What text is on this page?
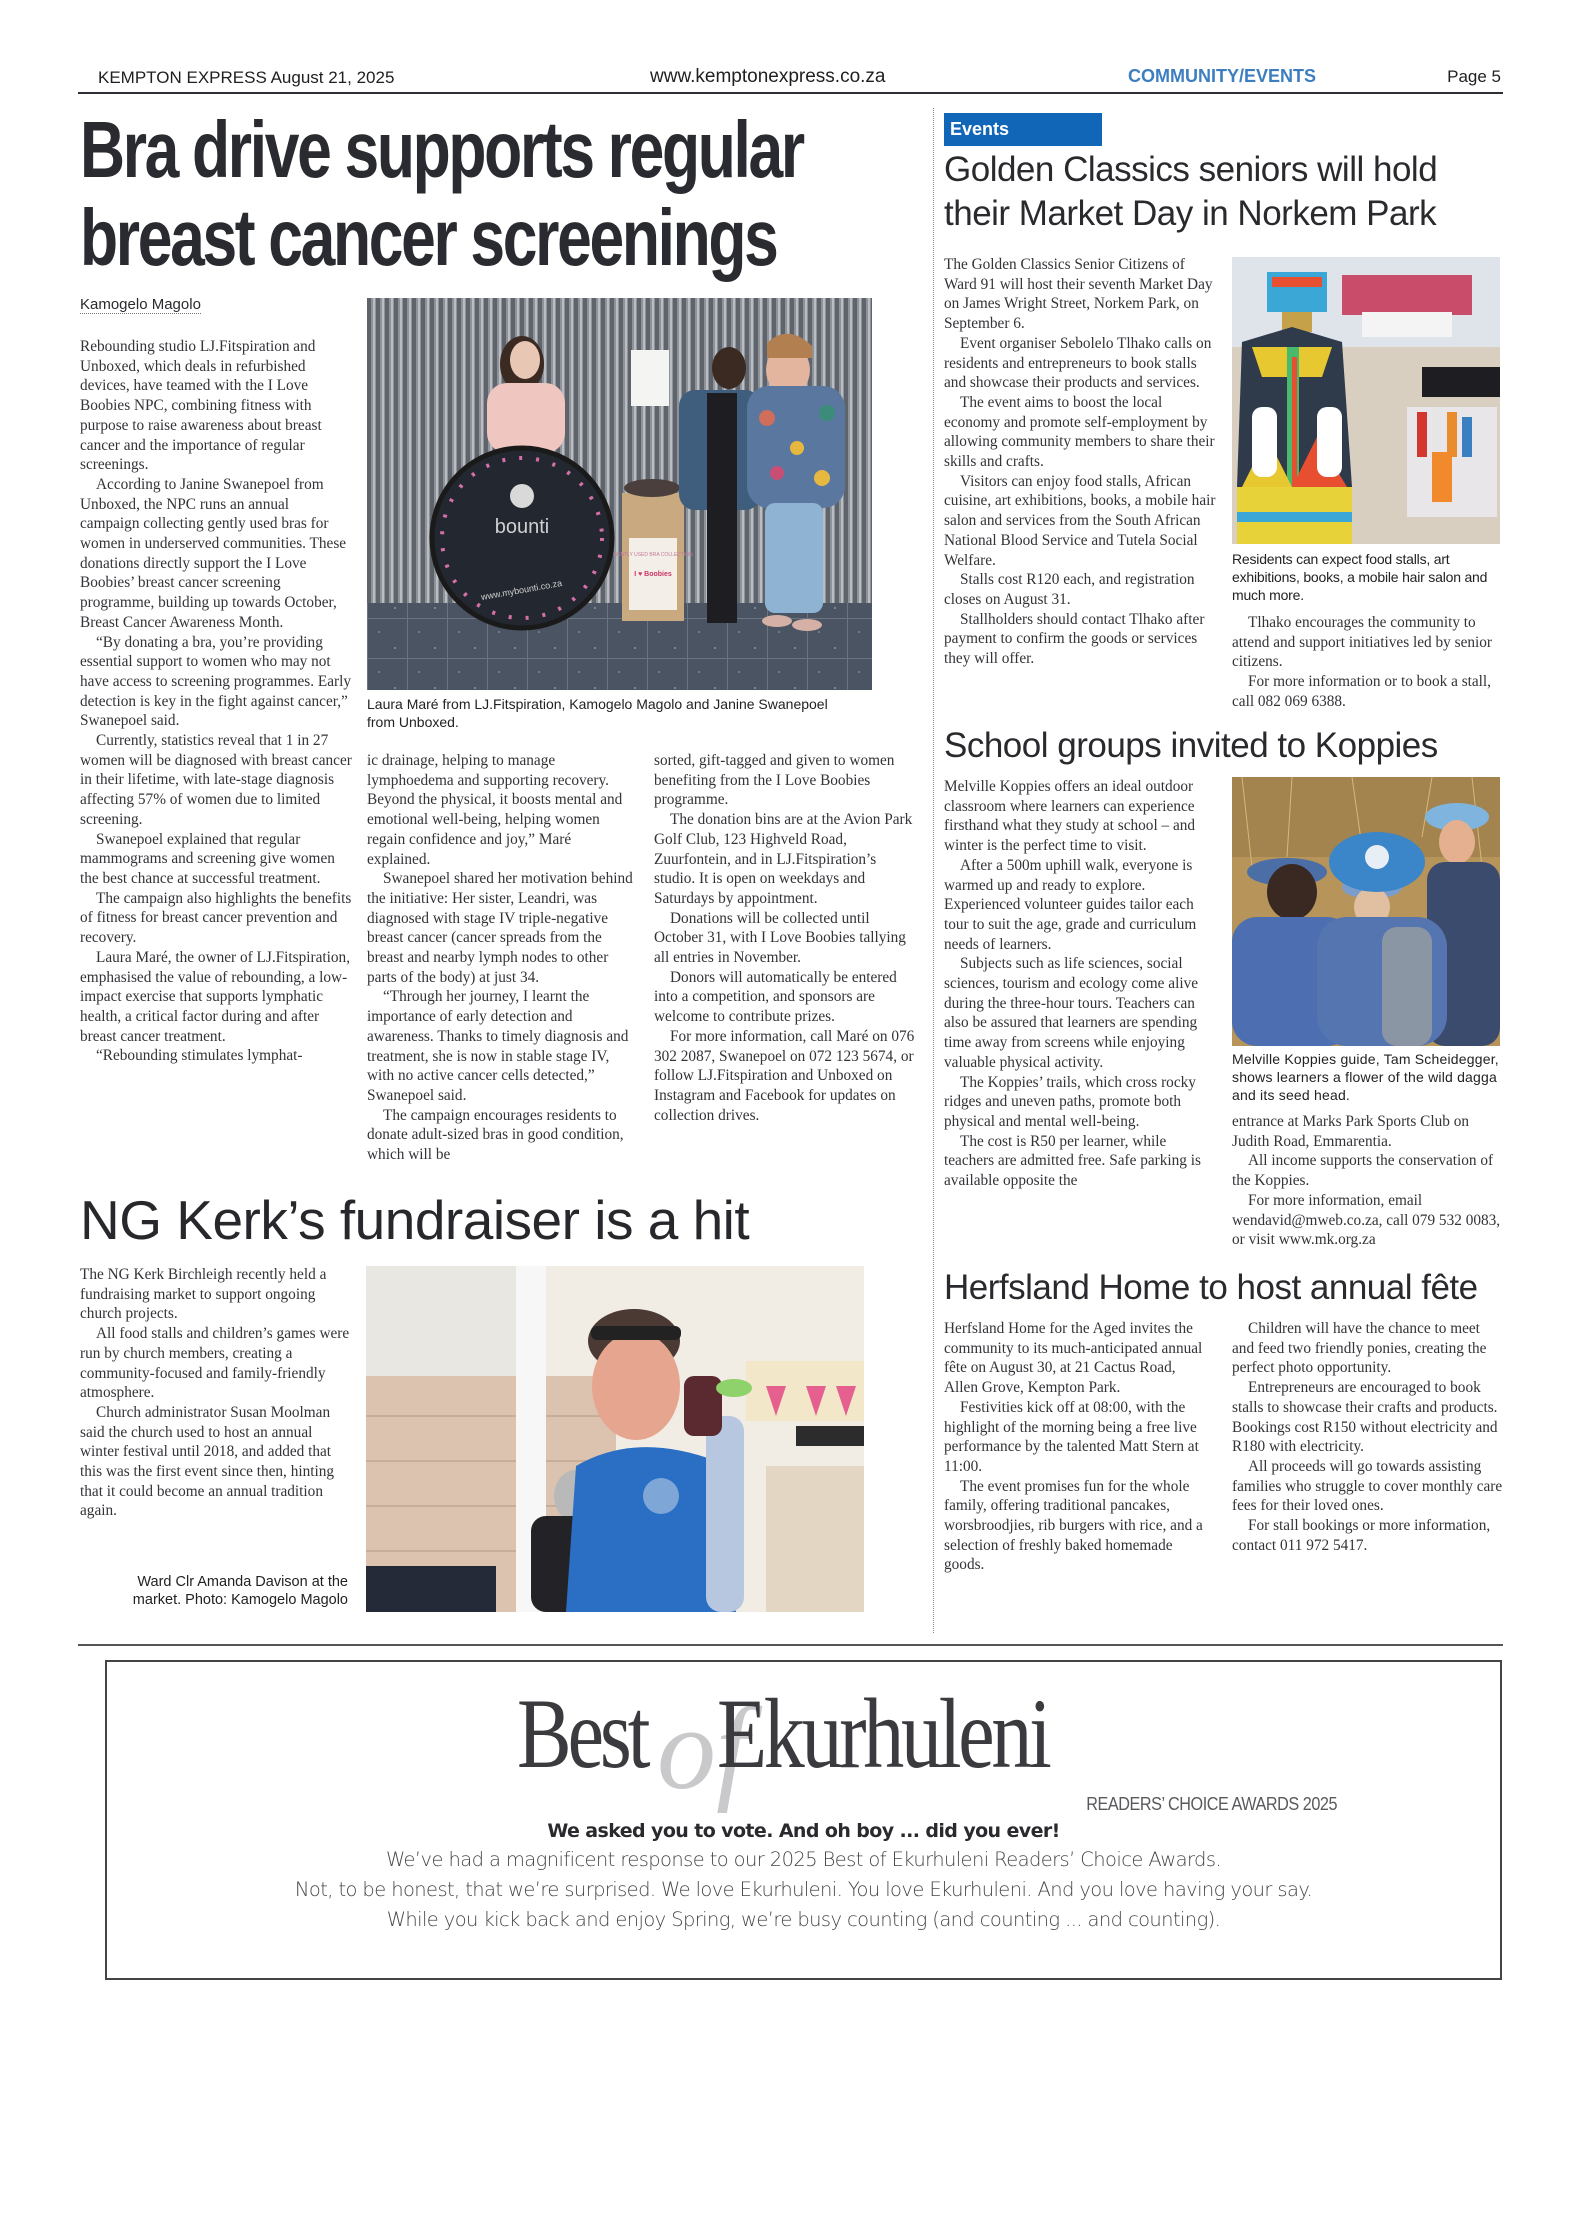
KEMPTON EXPRESS August 21, 2025	www.kemptonexpress.co.za	COMMUNITY/EVENTS	Page 5
Bra drive supports regular
breast cancer screenings
Kamogelo Magolo

Rebounding studio LJ.Fitspiration and Unboxed, which deals in refurbished devices, have teamed with the I Love Boobies NPC, combining fitness with purpose to raise awareness about breast cancer and the importance of regular screenings.

According to Janine Swanepoel from Unboxed, the NPC runs an annual campaign collecting gently used bras for women in underserved communities. These donations directly support the I Love Boobies’ breast cancer screening programme, building up towards October, Breast Cancer Awareness Month.

“By donating a bra, you’re providing essential support to women who may not have access to screening programmes. Early detection is key in the fight against cancer,” Swanepoel said.

Currently, statistics reveal that 1 in 27 women will be diagnosed with breast cancer in their lifetime, with late-stage diagnosis affecting 57% of women due to limited screening.

Swanepoel explained that regular mammograms and screening give women the best chance at successful treatment.

The campaign also highlights the benefits of fitness for breast cancer prevention and recovery.

Laura Maré, the owner of LJ.Fitspiration, emphasised the value of rebounding, a low-impact exercise that supports lymphatic health, a critical factor during and after breast cancer treatment.

“Rebounding stimulates lymphat-

bounti
www.mybounti.co.za
GENTLY USED BRA COLLECTION
I ♥ Boobies
Laura Maré from LJ.Fitspiration, Kamogelo Magolo and Janine Swanepoel
from Unboxed.

ic drainage, helping to manage lymphoedema and supporting recovery. Beyond the physical, it boosts mental and emotional well-being, helping women regain confidence and joy,” Maré explained.

Swanepoel shared her motivation behind the initiative: Her sister, Leandri, was diagnosed with stage IV triple-negative breast cancer (cancer spreads from the breast and nearby lymph nodes to other parts of the body) at just 34.

“Through her journey, I learnt the importance of early detection and awareness. Thanks to timely diagnosis and treatment, she is now in stable stage IV, with no active cancer cells detected,” Swanepoel said.

The campaign encourages residents to donate adult-sized bras in good condition, which will be

sorted, gift-tagged and given to women benefiting from the I Love Boobies programme.

The donation bins are at the Avion Park Golf Club, 123 Highveld Road, Zuurfontein, and in LJ.Fitspiration’s studio. It is open on weekdays and Saturdays by appointment.

Donations will be collected until October 31, with I Love Boobies tallying all entries in November.

Donors will automatically be entered into a competition, and sponsors are welcome to contribute prizes.

For more information, call Maré on 076 302 2087, Swanepoel on 072 123 5674, or follow LJ.Fitspiration and Unboxed on Instagram and Facebook for updates on collection drives.

NG Kerk’s fundraiser is a hit

The NG Kerk Birchleigh recently held a fundraising market to support ongoing church projects.

All food stalls and children’s games were run by church members, creating a community-focused and family-friendly atmosphere.

Church administrator Susan Moolman said the church used to host an annual winter festival until 2018, and added that this was the first event since then, hinting that it could become an annual tradition again.

Ward Clr Amanda Davison at the
market. Photo: Kamogelo Magolo
Events
Golden Classics seniors will hold
their Market Day in Norkem Park

The Golden Classics Senior Citizens of Ward 91 will host their seventh Market Day on James Wright Street, Norkem Park, on September 6.

Event organiser Sebolelo Tlhako calls on residents and entrepreneurs to book stalls and showcase their products and services.

The event aims to boost the local economy and promote self-employment by allowing community members to share their skills and crafts.

Visitors can enjoy food stalls, African cuisine, art exhibitions, books, a mobile hair salon and services from the South African National Blood Service and Tutela Social Welfare.

Stalls cost R120 each, and registration closes on August 31.

Stallholders should contact Tlhako after payment to confirm the goods or services they will offer.

Residents can expect food stalls, art exhibitions, books, a mobile hair salon and much more.

Tlhako encourages the community to attend and support initiatives led by senior citizens.

For more information or to book a stall, call 082 069 6388.

School groups invited to Koppies

Melville Koppies offers an ideal outdoor classroom where learners can experience firsthand what they study at school – and winter is the perfect time to visit.

After a 500m uphill walk, everyone is warmed up and ready to explore. Experienced volunteer guides tailor each tour to suit the age, grade and curriculum needs of learners.

Subjects such as life sciences, social sciences, tourism and ecology come alive during the three-hour tours. Teachers can also be assured that learners are spending time away from screens while enjoying valuable physical activity.

The Koppies’ trails, which cross rocky ridges and uneven paths, promote both physical and mental well-being.

The cost is R50 per learner, while teachers are admitted free. Safe parking is available opposite the

Melville Koppies guide, Tam Scheidegger, shows learners a flower of the wild dagga and its seed head.

entrance at Marks Park Sports Club on Judith Road, Emmarentia.

All income supports the conservation of the Koppies.

For more information, email wendavid@mweb.co.za, call 079 532 0083, or visit www.mk.org.za

Herfsland Home to host annual fête

Herfsland Home for the Aged invites the community to its much-anticipated annual fête on August 30, at 21 Cactus Road, Allen Grove, Kempton Park.

Festivities kick off at 08:00, with the highlight of the morning being a free live performance by the talented Matt Stern at 11:00.

The event promises fun for the whole family, offering traditional pancakes, worsbroodjies, rib burgers with rice, and a selection of freshly baked homemade goods.

Children will have the chance to meet and feed two friendly ponies, creating the perfect photo opportunity.

Entrepreneurs are encouraged to book stalls to showcase their crafts and products. Bookings cost R150 without electricity and R180 with electricity.

All proceeds will go towards assisting families who struggle to cover monthly care fees for their loved ones.

For stall bookings or more information, contact 011 972 5417.

Best of
Ekurhuleni
READERS’ CHOICE AWARDS 2025
We asked you to vote. And oh boy ... did you ever!
We’ve had a magnificent response to our 2025 Best of Ekurhuleni Readers’ Choice Awards.
Not, to be honest, that we’re surprised. We love Ekurhuleni. You love Ekurhuleni. And you love having your say.
While you kick back and enjoy Spring, we’re busy counting (and counting ... and counting).
